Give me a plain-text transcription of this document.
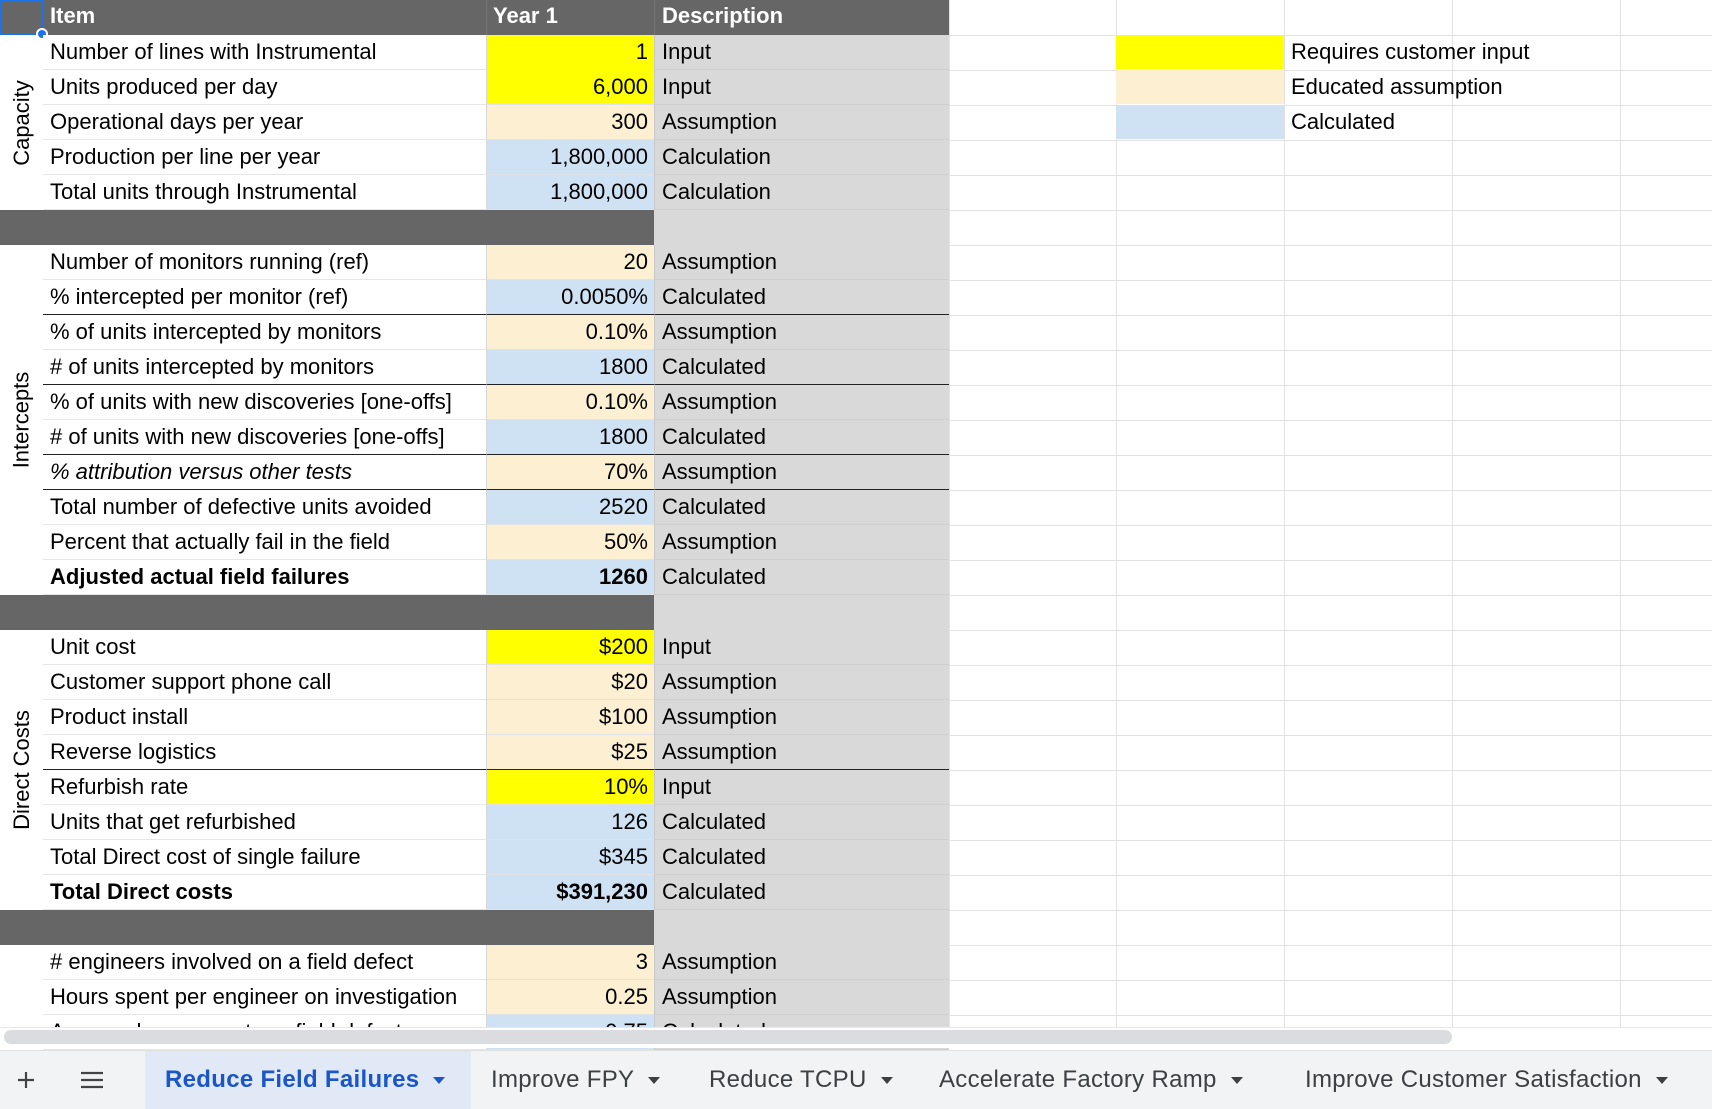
Item	Year 1	Description
Number of lines with Instrumental	1 Input
Units produced per day	6,000 Input
Operational days per year	300 Assumption
Production per line per year	1,800,000 Calculation
Total units through Instrumental	1,800,000 Calculation
Number of monitors running (ref)	20 Assumption
% intercepted per monitor (ref)	0.0050% Calculated
% of units intercepted by monitors	0.10% Assumption
# of units intercepted by monitors	1800 Calculated
% of units with new discoveries [one-offs]	0.10% Assumption
# of units with new discoveries [one-offs]	1800 Calculated
% attribution versus other tests	70% Assumption
Total number of defective units avoided	2520 Calculated
Percent that actually fail in the field	50% Assumption
Adjusted actual field failures	1260 Calculated
Unit cost	$200 Input
Customer support phone call	$20 Assumption
Product install	$100 Assumption
Reverse logistics	$25 Assumption
Refurbish rate	10% Input
Units that get refurbished	126 Calculated
Total Direct cost of single failure	$345 Calculated
Total Direct costs	$391,230 Calculated
# engineers involved on a field defect	3 Assumption
Hours spent per engineer on investigation	0.25 Assumption
Capacity
Intercepts
Direct Costs
Requires customer input
Educated assumption
Calculated
Reduce Field Failures	Improve FPY	Reduce TCPU	Accelerate Factory Ramp	Improve Customer Satisfaction
